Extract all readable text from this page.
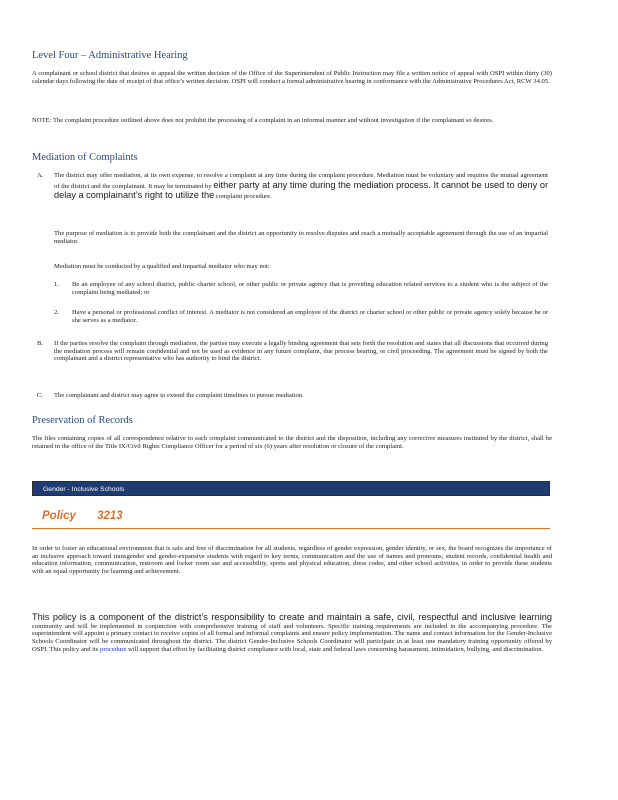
Level Four – Administrative Hearing
A complainant or school district that desires to appeal the written decision of the Office of the Superintendent of Public Instruction may file a written notice of appeal with OSPI within thirty (30) calendar days following the date of receipt of that office’s written decision. OSPI will conduct a formal administrative hearing in conformance with the Administrative Procedures Act, RCW 34.05.
NOTE: The complaint procedure outlined above does not prohibit the processing of a complaint in an informal manner and without investigation if the complainant so desires.
Mediation of Complaints
A. The district may offer mediation, at its own expense, to resolve a complaint at any time during the complaint procedure. Mediation must be voluntary and requires the mutual agreement of the district and the complainant. It may be terminated by either party at any time during the mediation process. It cannot be used to deny or delay a complainant’s right to utilize the complaint procedure.
The purpose of mediation is to provide both the complainant and the district an opportunity to resolve disputes and reach a mutually acceptable agreement through the use of an impartial mediator.
Mediation must be conducted by a qualified and impartial mediator who may not:
1. Be an employee of any school district, public charter school, or other public or private agency that is providing education related services to a student who is the subject of the complaint being mediated; or
2. Have a personal or professional conflict of interest. A mediator is not considered an employee of the district or charter school or other public or private agency solely because he or she serves as a mediator.
B. If the parties resolve the complaint through mediation, the parties may execute a legally binding agreement that sets forth the resolution and states that all discussions that occurred during the mediation process will remain confidential and not be used as evidence in any future complaint, due process hearing, or civil proceeding. The agreement must be signed by both the complainant and a district representative who has authority to bind the district.
C. The complainant and district may agree to extend the complaint timelines to pursue mediation.
Preservation of Records
The files containing copies of all correspondence relative to each complaint communicated to the district and the disposition, including any corrective measures instituted by the district, shall be retained in the office of the Title IX/Civil Rights Compliance Officer for a period of six (6) years after resolution or closure of the complaint.
Gender - Inclusive Schools
Policy 3213
In order to foster an educational environment that is safe and free of discrimination for all students, regardless of gender expression, gender identity, or sex, the board recognizes the importance of an inclusive approach toward transgender and gender-expansive students with regard to key terms, communication and the use of names and pronouns, student records, confidential health and education information, communication, restroom and locker room use and accessibility, sports and physical education, dress codes, and other school activities, in order to provide these students with an equal opportunity for learning and achievement.
This policy is a component of the district’s responsibility to create and maintain a safe, civil, respectful and inclusive learning community and will be implemented in conjunction with comprehensive training of staff and volunteers. Specific training requirements are included in the accompanying procedure. The superintendent will appoint a primary contact to receive copies of all formal and informal complaints and ensure policy implementation. The name and contact information for the Gender-Inclusive Schools Coordinator will be communicated throughout the district. The district Gender-Inclusive Schools Coordinator will participate in at least one mandatory training opportunity offered by OSPI. This policy and its procedure will support that effort by facilitating district compliance with local, state and federal laws concerning harassment, intimidation, bullying, and discrimination.
